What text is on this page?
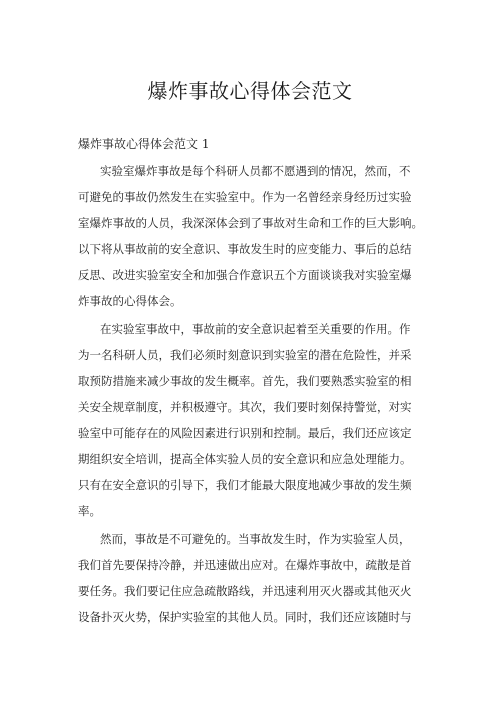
爆炸事故心得体会范文
爆炸事故心得体会范文 1
实验室爆炸事故是每个科研人员都不愿遇到的情况，然而，不
可避免的事故仍然发生在实验室中。作为一名曾经亲身经历过实验
室爆炸事故的人员，我深深体会到了事故对生命和工作的巨大影响。
以下将从事故前的安全意识、事故发生时的应变能力、事后的总结
反思、改进实验室安全和加强合作意识五个方面谈谈我对实验室爆
炸事故的心得体会。
在实验室事故中，事故前的安全意识起着至关重要的作用。作
为一名科研人员，我们必须时刻意识到实验室的潜在危险性，并采
取预防措施来减少事故的发生概率。首先，我们要熟悉实验室的相
关安全规章制度，并积极遵守。其次，我们要时刻保持警觉，对实
验室中可能存在的风险因素进行识别和控制。最后，我们还应该定
期组织安全培训，提高全体实验人员的安全意识和应急处理能力。
只有在安全意识的引导下，我们才能最大限度地减少事故的发生频
率。
然而，事故是不可避免的。当事故发生时，作为实验室人员，
我们首先要保持冷静，并迅速做出应对。在爆炸事故中，疏散是首
要任务。我们要记住应急疏散路线，并迅速利用灭火器或其他灭火
设备扑灭火势，保护实验室的其他人员。同时，我们还应该随时与
